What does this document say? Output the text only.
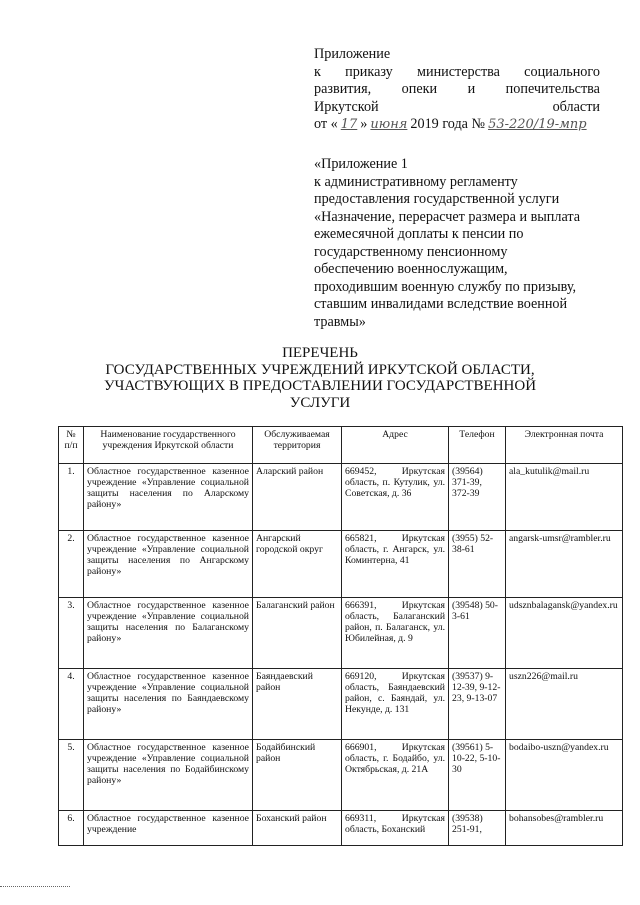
Приложение
к приказу министерства социального
развития, опеки и попечительства
Иркутской	области
от « 17 » июня 2019 года № 53-220/19-мпр
«Приложение 1
к административному регламенту
предоставления государственной услуги
«Назначение, перерасчет размера и выплата
ежемесячной доплаты к пенсии по
государственному пенсионному
обеспечению военнослужащим,
проходившим военную службу по призыву,
ставшим инвалидами вследствие военной
травмы»
ПЕРЕЧЕНЬ
ГОСУДАРСТВЕННЫХ УЧРЕЖДЕНИЙ ИРКУТСКОЙ ОБЛАСТИ,
УЧАСТВУЮЩИХ В ПРЕДОСТАВЛЕНИИ ГОСУДАРСТВЕННОЙ
УСЛУГИ
№ п/п	Наименование государственного учреждения Иркутской области	Обслуживаемая территория	Адрес	Телефон	Электронная почта
1.	Областное государственное казенное учреждение «Управление социальной защиты населения по Аларскому району»	Аларский район	669452, Иркутская область, п. Кутулик, ул. Советская, д. 36	(39564) 371-39, 372-39	ala_kutulik@mail.ru
2.	Областное государственное казенное учреждение «Управление социальной защиты населения по Ангарскому району»	Ангарский городской округ	665821, Иркутская область, г. Ангарск, ул. Коминтерна, 41	(3955) 52-38-61	angarsk-umsr@rambler.ru
3.	Областное государственное казенное учреждение «Управление социальной защиты населения по Балаганскому району»	Балаганский район	666391, Иркутская область, Балаганский район, п. Балаганск, ул. Юбилейная, д. 9	(39548) 50-3-61	udsznbalagansk@yandex.ru
4.	Областное государственное казенное учреждение «Управление социальной защиты населения по Баяндаевскому району»	Баяндаевский район	669120, Иркутская область, Баяндаевский район, с. Баяндай, ул. Некунде, д. 131	(39537) 9-12-39, 9-12-23, 9-13-07	uszn226@mail.ru
5.	Областное государственное казенное учреждение «Управление социальной защиты населения по Бодайбинскому району»	Бодайбинский район	666901, Иркутская область, г. Бодайбо, ул. Октябрьская, д. 21А	(39561) 5-10-22, 5-10-30	bodaibo-uszn@yandex.ru
6.	Областное государственное казенное учреждение	Боханский район	669311, Иркутская область, Боханский	(39538) 251-91,	bohansobes@rambler.ru
